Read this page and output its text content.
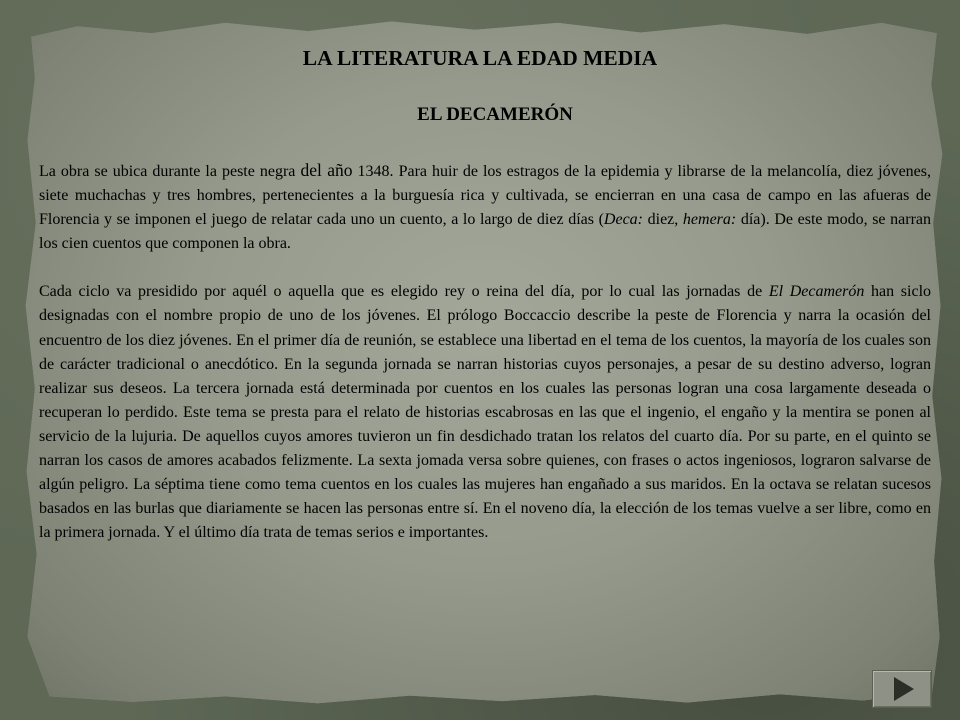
LA LITERATURA LA EDAD MEDIA
EL DECAMERÓN

La obra se ubica durante la peste negra del año 1348. Para huir de los estragos de la epidemia y librarse de la melancolía, diez jóvenes, siete muchachas y tres hombres, pertenecientes a la burguesía rica y cultivada, se encierran en una casa de campo en las afueras de Florencia y se imponen el juego de relatar cada uno un cuento, a lo largo de diez días (Deca: diez, hemera: día). De este modo, se narran los cien cuentos que componen la obra.

Cada ciclo va presidido por aquél o aquella que es elegido rey o reina del día, por lo cual las jornadas de El Decamerón han siclo designadas con el nombre propio de uno de los jóvenes. El prólogo Boccaccio describe la peste de Florencia y narra la ocasión del encuentro de los diez jóvenes. En el primer día de reunión, se establece una libertad en el tema de los cuentos, la mayoría de los cuales son de carácter tradicional o anecdótico. En la segunda jornada se narran historias cuyos personajes, a pesar de su destino adverso, logran realizar sus deseos. La tercera jornada está determinada por cuentos en los cuales las personas logran una cosa largamente deseada o recuperan lo perdido. Este tema se presta para el relato de historias escabrosas en las que el ingenio, el engaño y la mentira se ponen al servicio de la lujuria. De aquellos cuyos amores tuvieron un fin desdichado tratan los relatos del cuarto día. Por su parte, en el quinto se narran los casos de amores acabados felizmente. La sexta jomada versa sobre quienes, con frases o actos ingeniosos, lograron salvarse de algún peligro. La séptima tiene como tema cuentos en los cuales las mujeres han engañado a sus maridos. En la octava se relatan sucesos basados en las burlas que diariamente se hacen las personas entre sí. En el noveno día, la elección de los temas vuelve a ser libre, como en la primera jornada. Y el último día trata de temas serios e importantes.
